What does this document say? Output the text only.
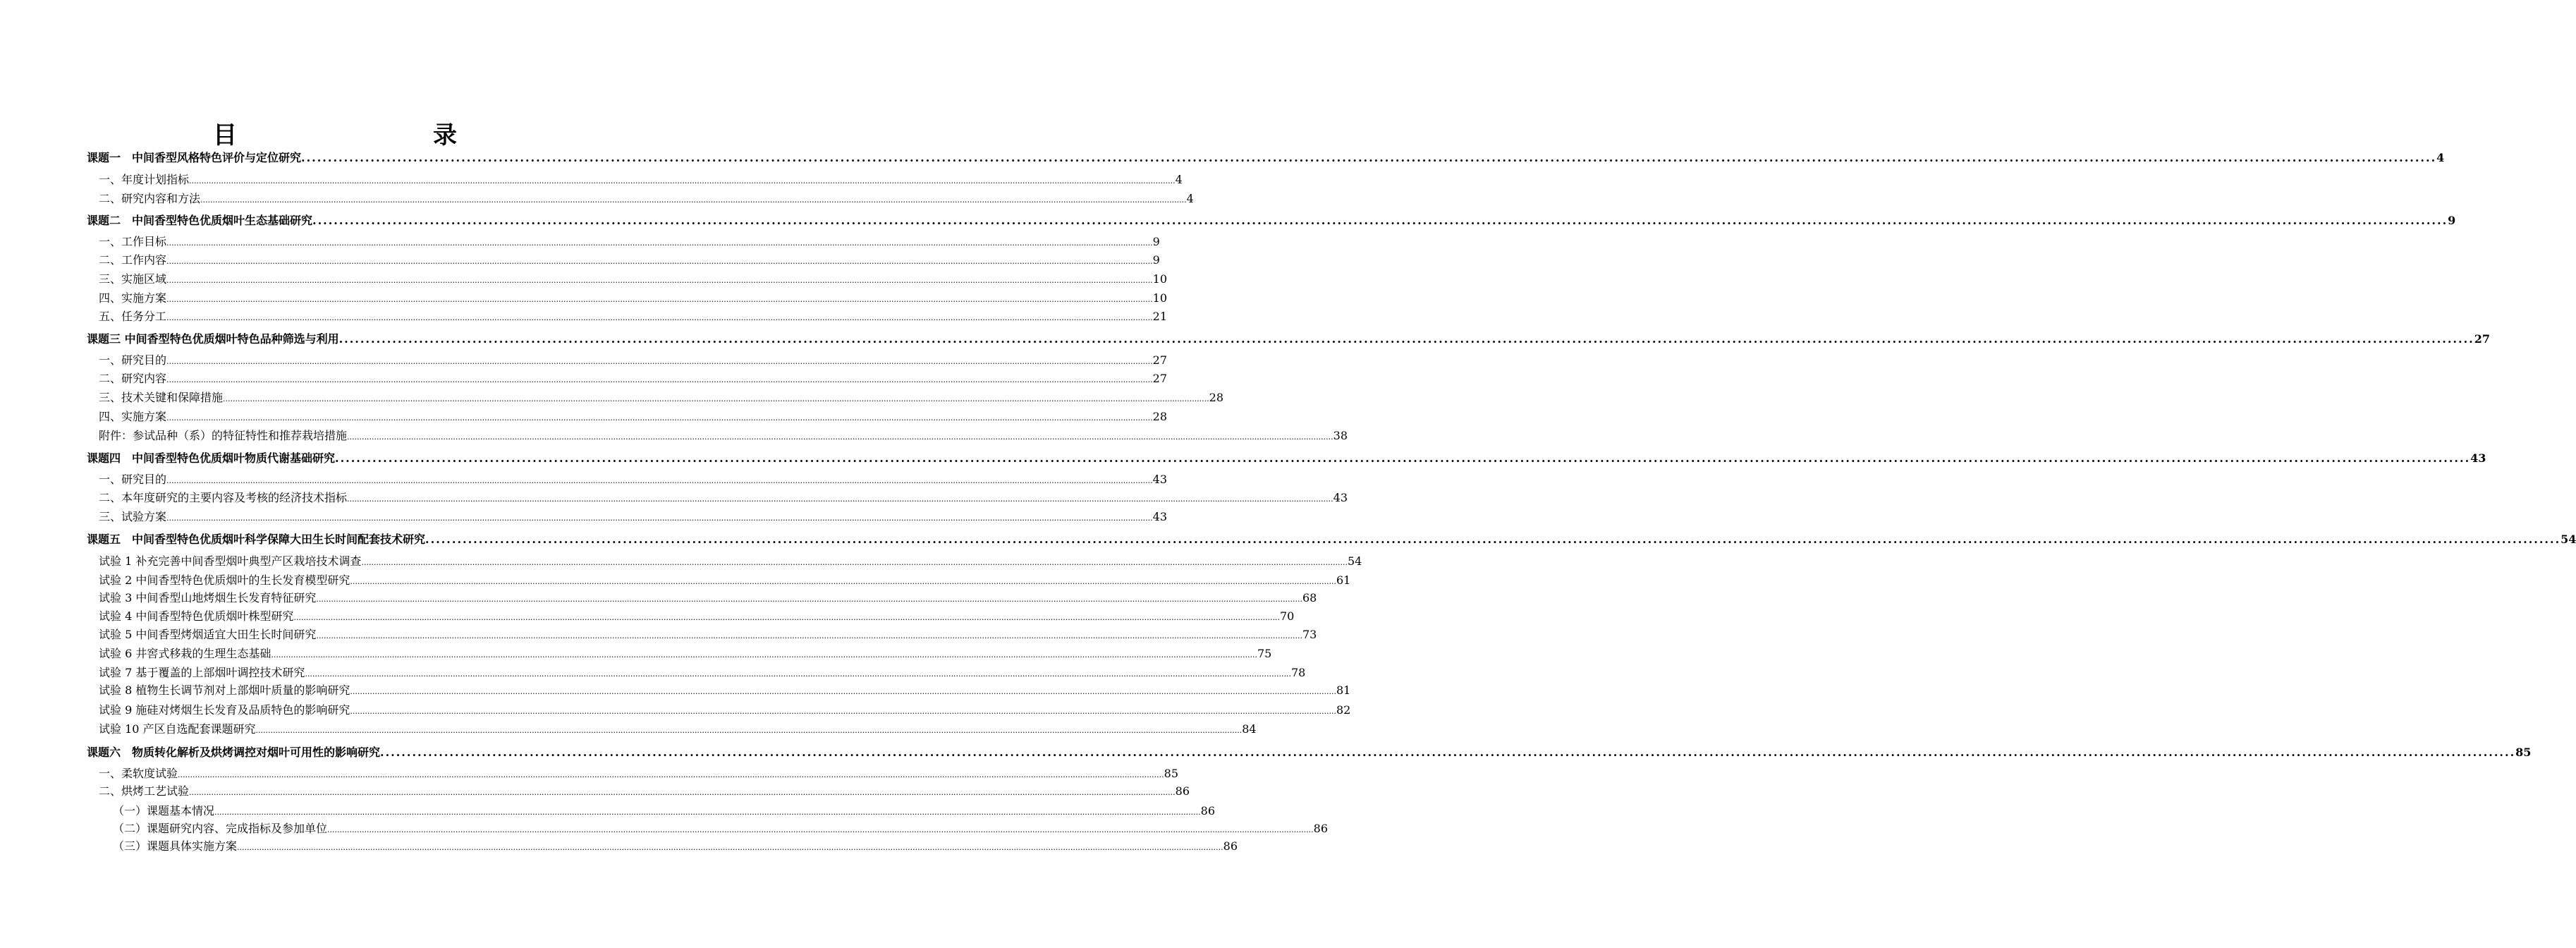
目　　录
课题一　中间香型风格特色评价与定位研究 ................................................................................................................................................................................................................................................................................................................................................................................................................ 4
一、年度计划指标 ................................................................................................................................................................................................................................................................................................................................................................................................................ 4
二、研究内容和方法 ................................................................................................................................................................................................................................................................................................................................................................................................................ 4
课题二　中间香型特色优质烟叶生态基础研究 ................................................................................................................................................................................................................................................................................................................................................................................................................ 9
一、工作目标 ................................................................................................................................................................................................................................................................................................................................................................................................................ 9
二、工作内容 ................................................................................................................................................................................................................................................................................................................................................................................................................ 9
三、实施区域 ................................................................................................................................................................................................................................................................................................................................................................................................................ 10
四、实施方案 ................................................................................................................................................................................................................................................................................................................................................................................................................ 10
五、任务分工 ................................................................................................................................................................................................................................................................................................................................................................................................................ 21
课题三 中间香型特色优质烟叶特色品种筛选与利用 ................................................................................................................................................................................................................................................................................................................................................................................................................ 27
一、研究目的 ................................................................................................................................................................................................................................................................................................................................................................................................................ 27
二、研究内容 ................................................................................................................................................................................................................................................................................................................................................................................................................ 27
三、技术关键和保障措施 ................................................................................................................................................................................................................................................................................................................................................................................................................ 28
四、实施方案 ................................................................................................................................................................................................................................................................................................................................................................................................................ 28
附件：参试品种（系）的特征特性和推荐栽培措施 ................................................................................................................................................................................................................................................................................................................................................................................................................ 38
课题四　中间香型特色优质烟叶物质代谢基础研究 ................................................................................................................................................................................................................................................................................................................................................................................................................ 43
一、研究目的 ................................................................................................................................................................................................................................................................................................................................................................................................................ 43
二、本年度研究的主要内容及考核的经济技术指标 ................................................................................................................................................................................................................................................................................................................................................................................................................ 43
三、试验方案 ................................................................................................................................................................................................................................................................................................................................................................................................................ 43
课题五　中间香型特色优质烟叶科学保障大田生长时间配套技术研究 ................................................................................................................................................................................................................................................................................................................................................................................................................ 54
试验 1 补充完善中间香型烟叶典型产区栽培技术调查 ................................................................................................................................................................................................................................................................................................................................................................................................................ 54
试验 2 中间香型特色优质烟叶的生长发育模型研究 ................................................................................................................................................................................................................................................................................................................................................................................................................ 61
试验 3 中间香型山地烤烟生长发育特征研究 ................................................................................................................................................................................................................................................................................................................................................................................................................ 68
试验 4 中间香型特色优质烟叶株型研究 ................................................................................................................................................................................................................................................................................................................................................................................................................ 70
试验 5 中间香型烤烟适宜大田生长时间研究 ................................................................................................................................................................................................................................................................................................................................................................................................................ 73
试验 6 井窖式移栽的生理生态基础 ................................................................................................................................................................................................................................................................................................................................................................................................................ 75
试验 7 基于覆盖的上部烟叶调控技术研究 ................................................................................................................................................................................................................................................................................................................................................................................................................ 78
试验 8 植物生长调节剂对上部烟叶质量的影响研究 ................................................................................................................................................................................................................................................................................................................................................................................................................ 81
试验 9 施硅对烤烟生长发育及品质特色的影响研究 ................................................................................................................................................................................................................................................................................................................................................................................................................ 82
试验 10 产区自选配套课题研究 ................................................................................................................................................................................................................................................................................................................................................................................................................ 84
课题六　物质转化解析及烘烤调控对烟叶可用性的影响研究 ................................................................................................................................................................................................................................................................................................................................................................................................................ 85
一、柔软度试验 ................................................................................................................................................................................................................................................................................................................................................................................................................ 85
二、烘烤工艺试验 ................................................................................................................................................................................................................................................................................................................................................................................................................ 86
（一）课题基本情况 ................................................................................................................................................................................................................................................................................................................................................................................................................ 86
（二）课题研究内容、完成指标及参加单位 ................................................................................................................................................................................................................................................................................................................................................................................................................ 86
（三）课题具体实施方案 ................................................................................................................................................................................................................................................................................................................................................................................................................ 86
